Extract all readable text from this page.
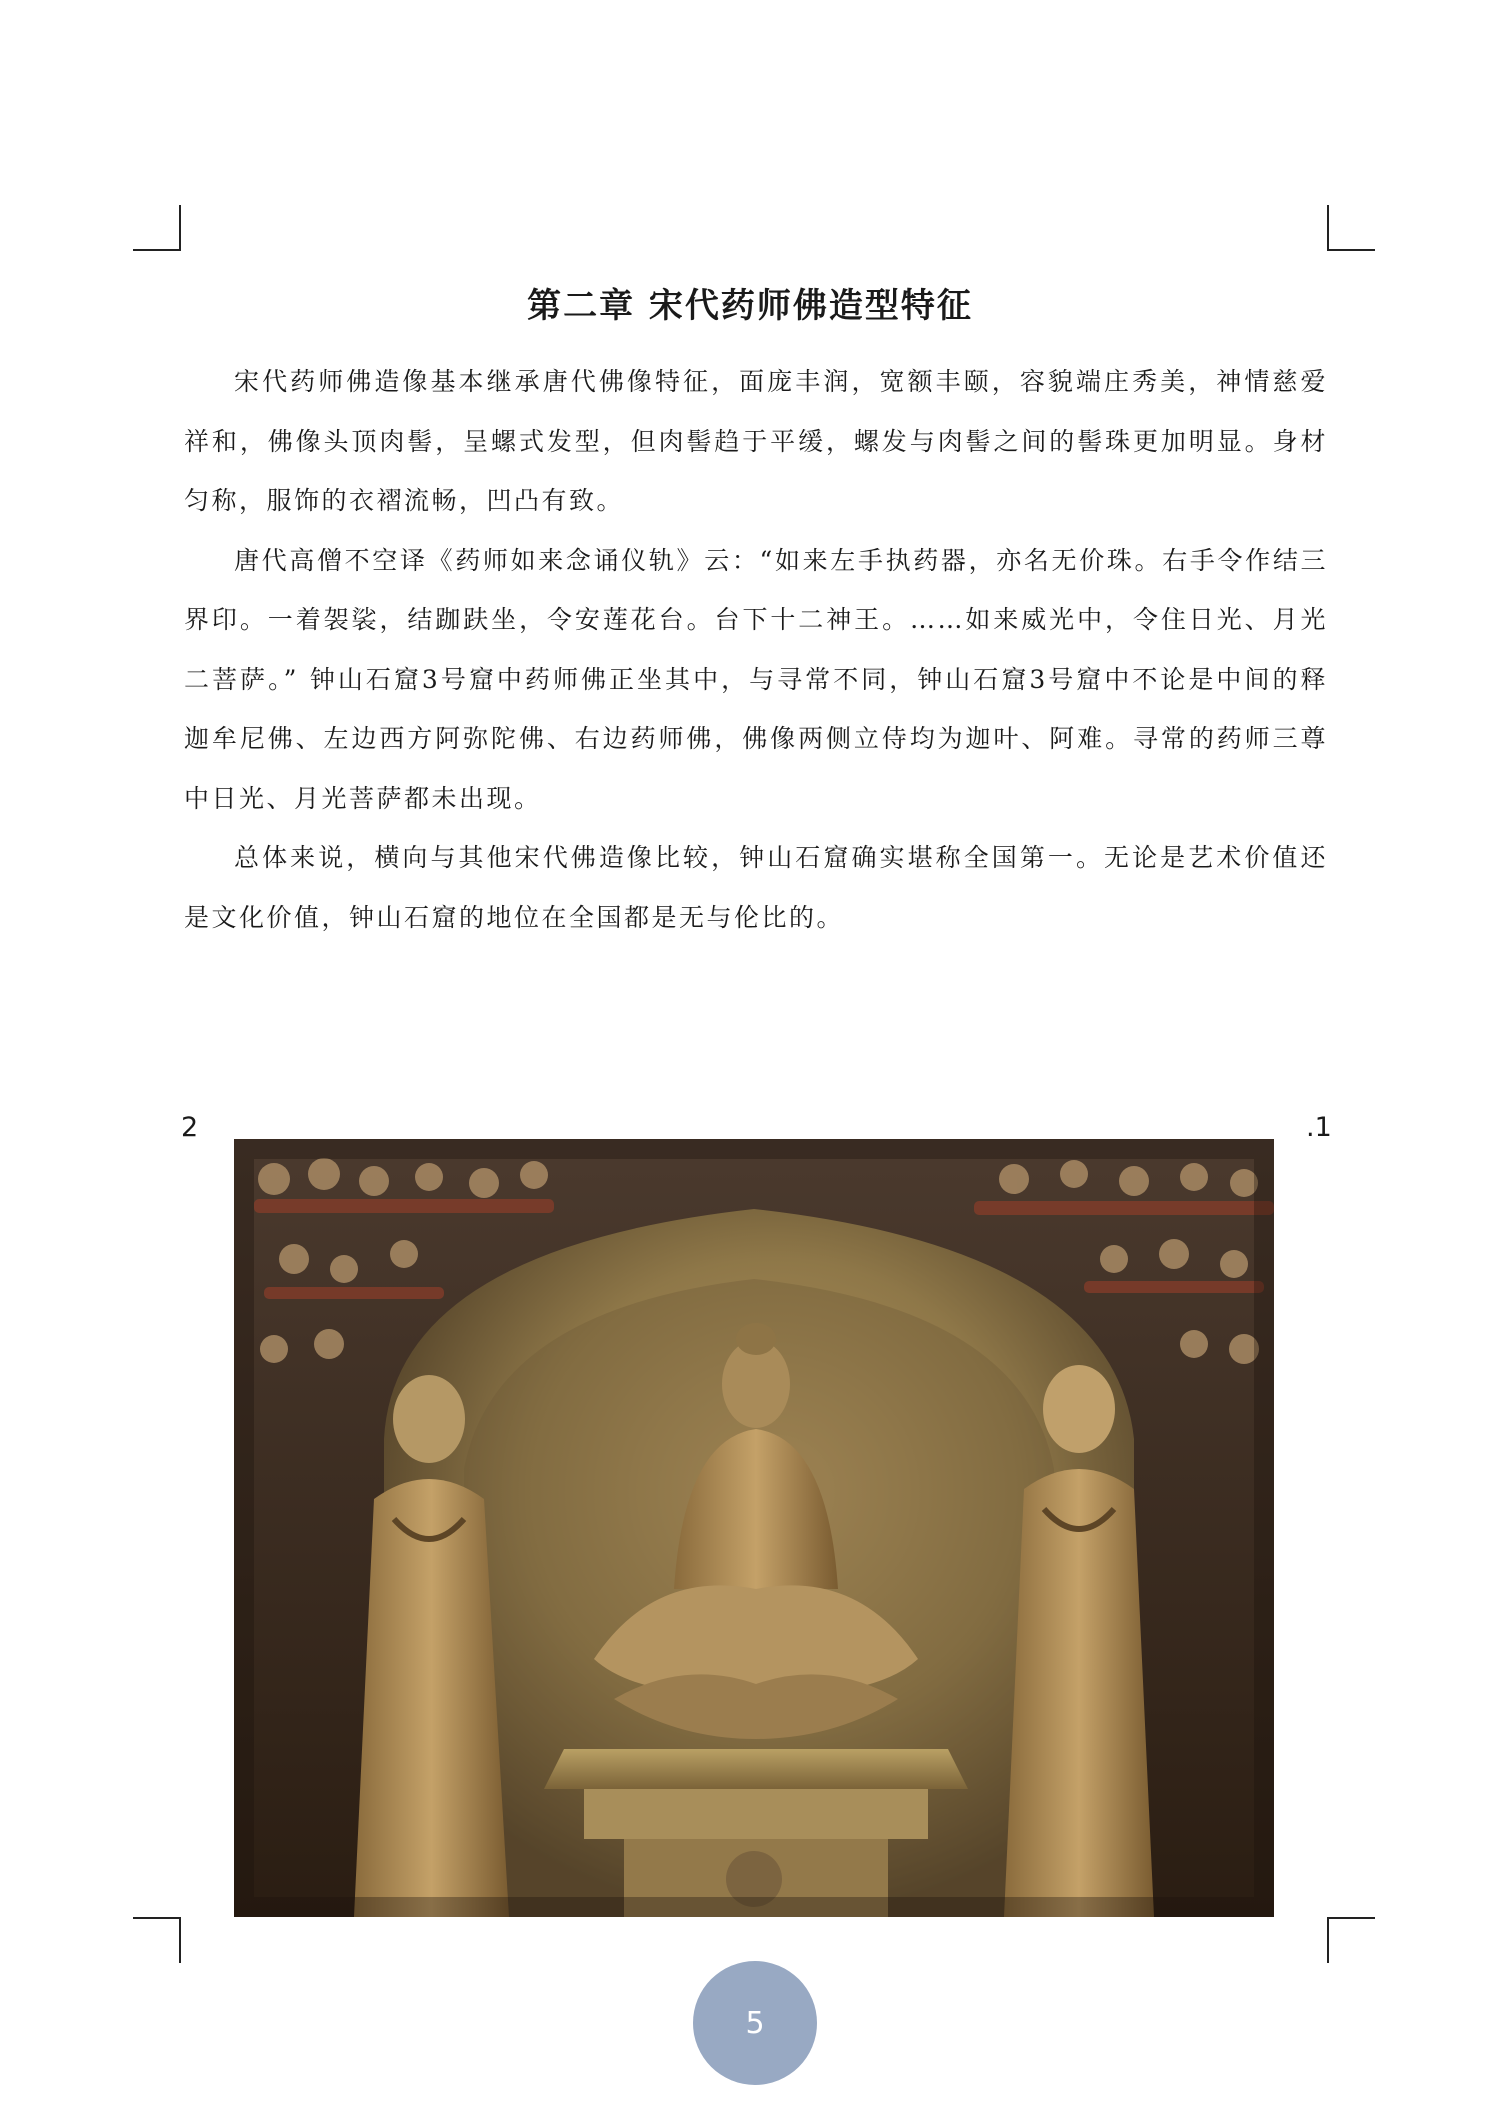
第二章 宋代药师佛造型特征

宋代药师佛造像基本继承唐代佛像特征，面庞丰润，宽额丰颐，容貌端庄秀美，神情慈爱祥和，佛像头顶肉髻，呈螺式发型，但肉髻趋于平缓，螺发与肉髻之间的髻珠更加明显。身材匀称，服饰的衣褶流畅，凹凸有致。

唐代高僧不空译《药师如来念诵仪轨》云：“如来左手执药器，亦名无价珠。右手令作结三界印。一着袈裟，结跏趺坐，令安莲花台。台下十二神王。……如来威光中，令住日光、月光二菩萨。” 钟山石窟3号窟中药师佛正坐其中，与寻常不同，钟山石窟3号窟中不论是中间的释迦牟尼佛、左边西方阿弥陀佛、右边药师佛，佛像两侧立侍均为迦叶、阿难。寻常的药师三尊中日光、月光菩萨都未出现。

总体来说，横向与其他宋代佛造像比较，钟山石窟确实堪称全国第一。无论是艺术价值还是文化价值，钟山石窟的地位在全国都是无与伦比的。

2	.1
5
